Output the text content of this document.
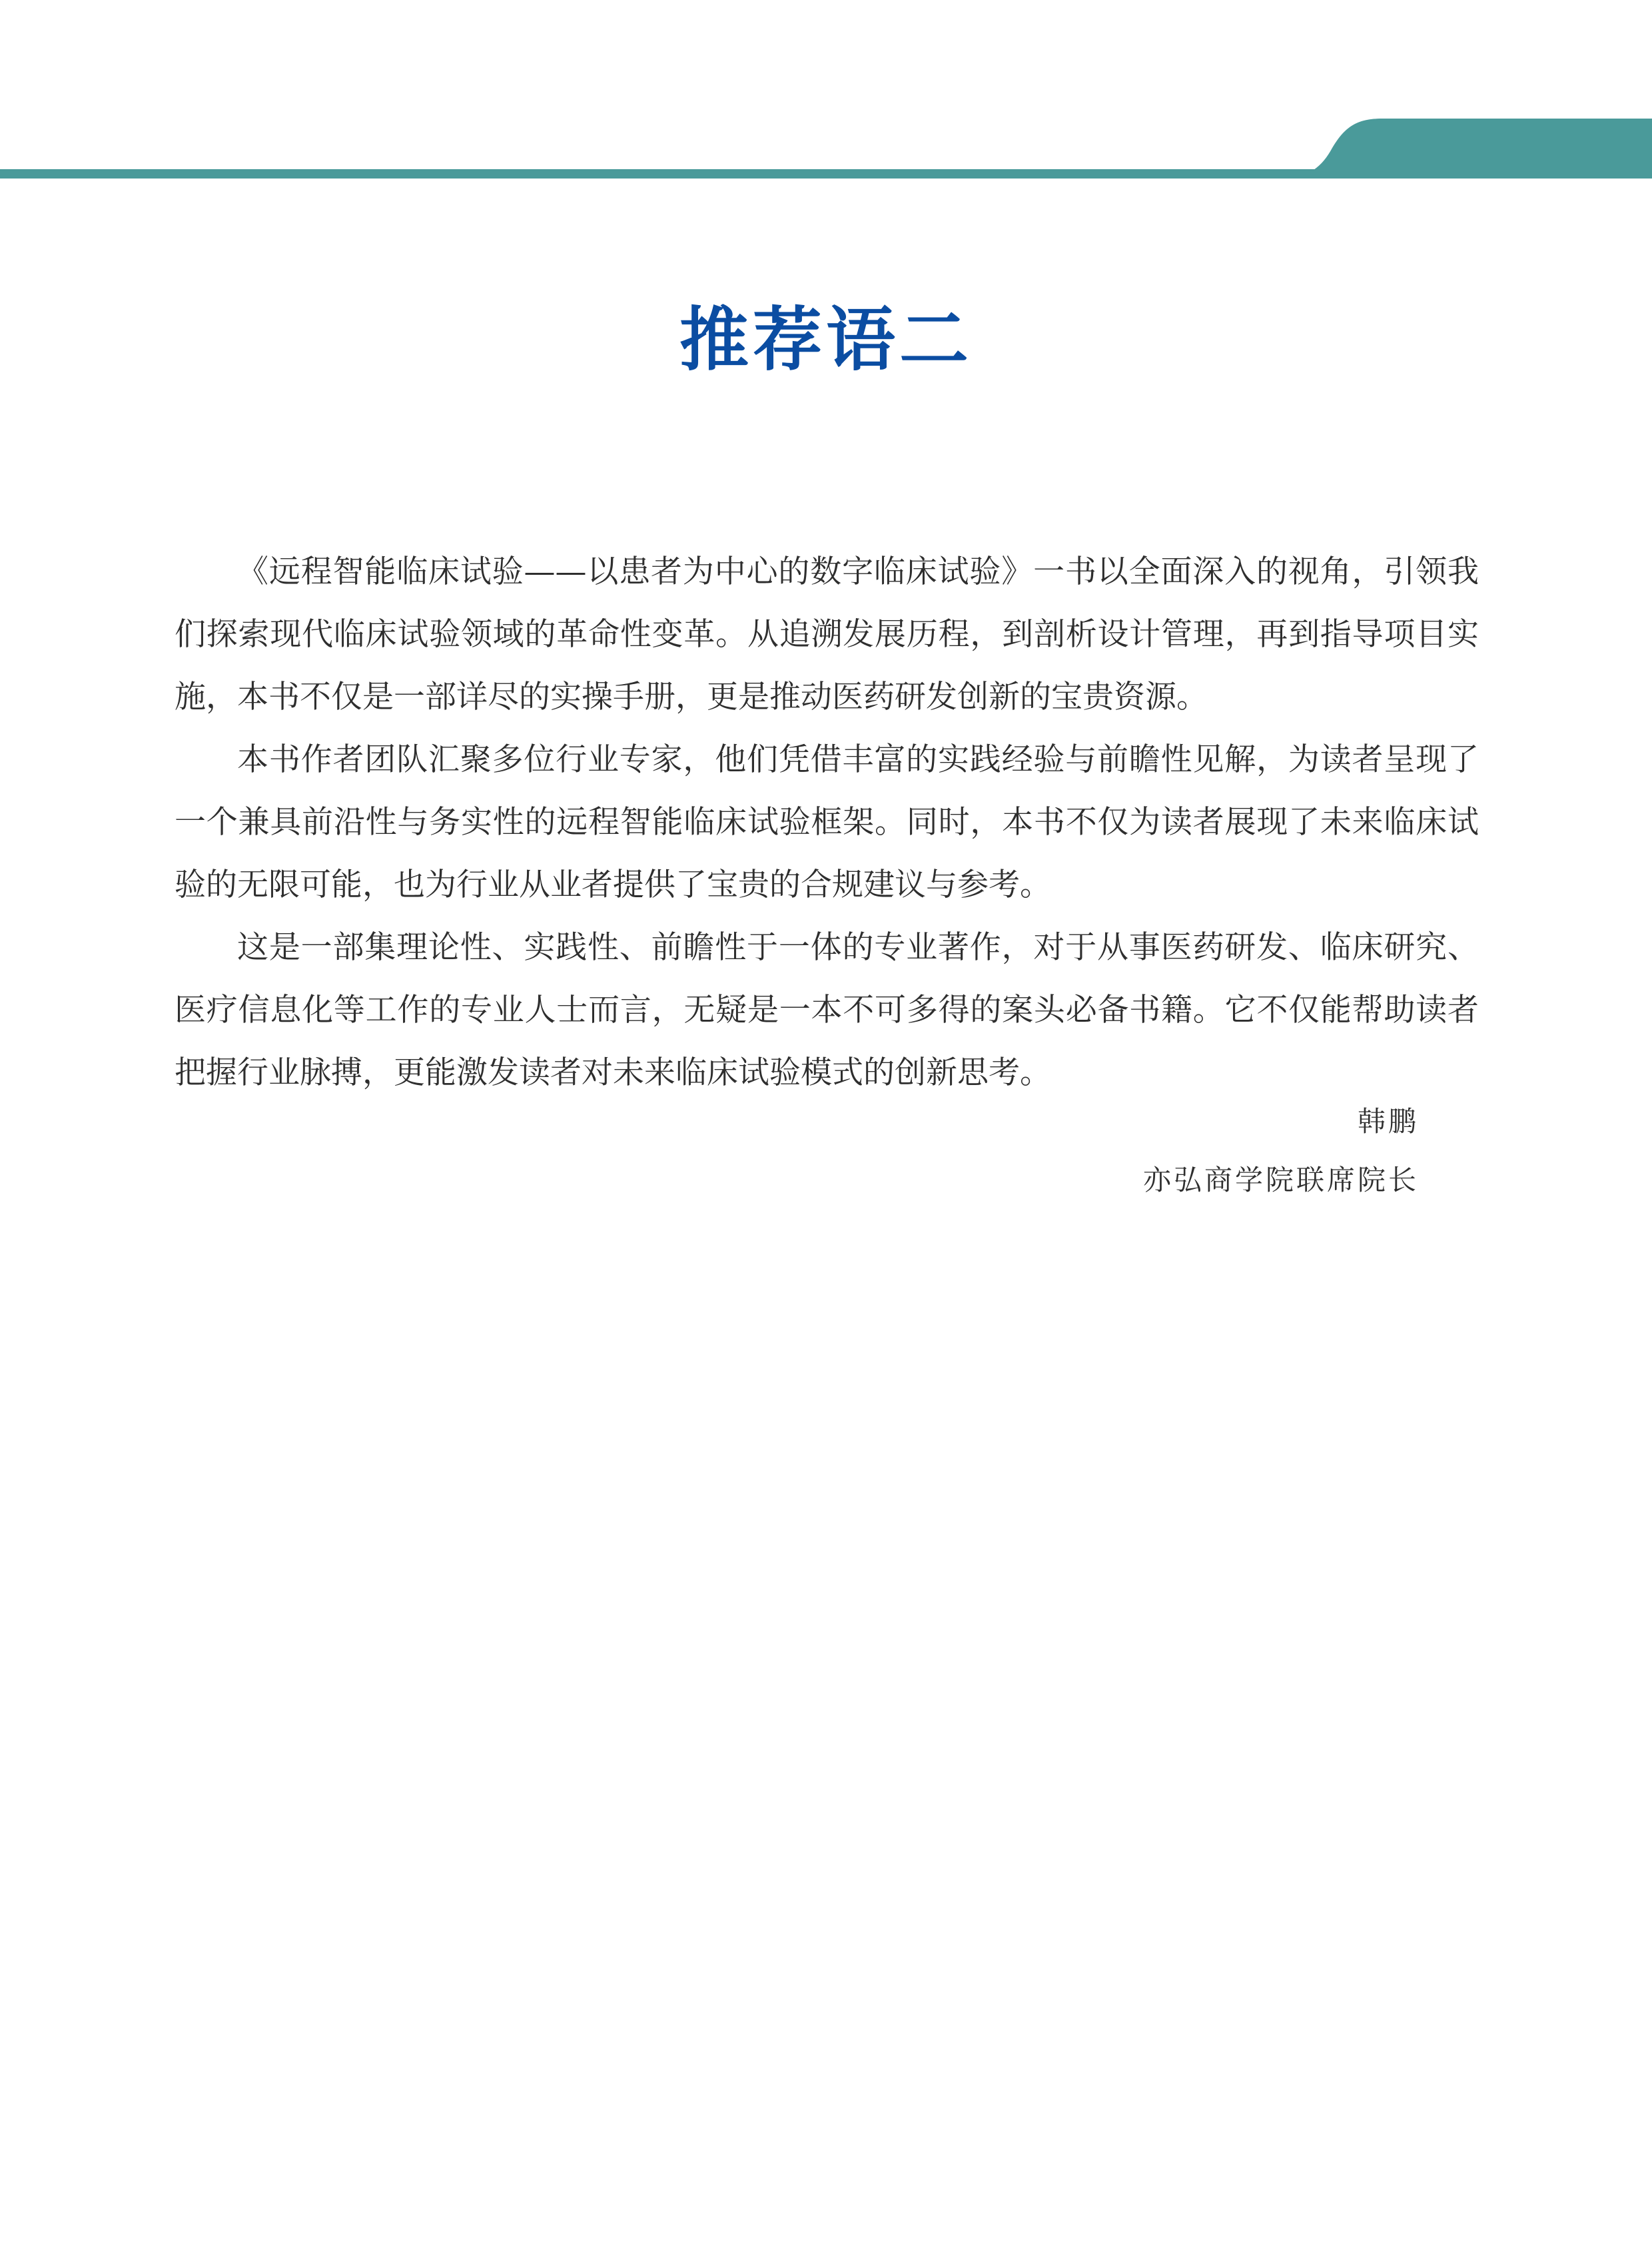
推荐语二

《远程智能临床试验——以患者为中心的数字临床试验》一书以全面深入的视角，引领我们探索现代临床试验领域的革命性变革。从追溯发展历程，到剖析设计管理，再到指导项目实施，本书不仅是一部详尽的实操手册，更是推动医药研发创新的宝贵资源。

本书作者团队汇聚多位行业专家，他们凭借丰富的实践经验与前瞻性见解，为读者呈现了一个兼具前沿性与务实性的远程智能临床试验框架。同时，本书不仅为读者展现了未来临床试验的无限可能，也为行业从业者提供了宝贵的合规建议与参考。

这是一部集理论性、实践性、前瞻性于一体的专业著作，对于从事医药研发、临床研究、医疗信息化等工作的专业人士而言，无疑是一本不可多得的案头必备书籍。它不仅能帮助读者把握行业脉搏，更能激发读者对未来临床试验模式的创新思考。

韩鹏
亦弘商学院联席院长
